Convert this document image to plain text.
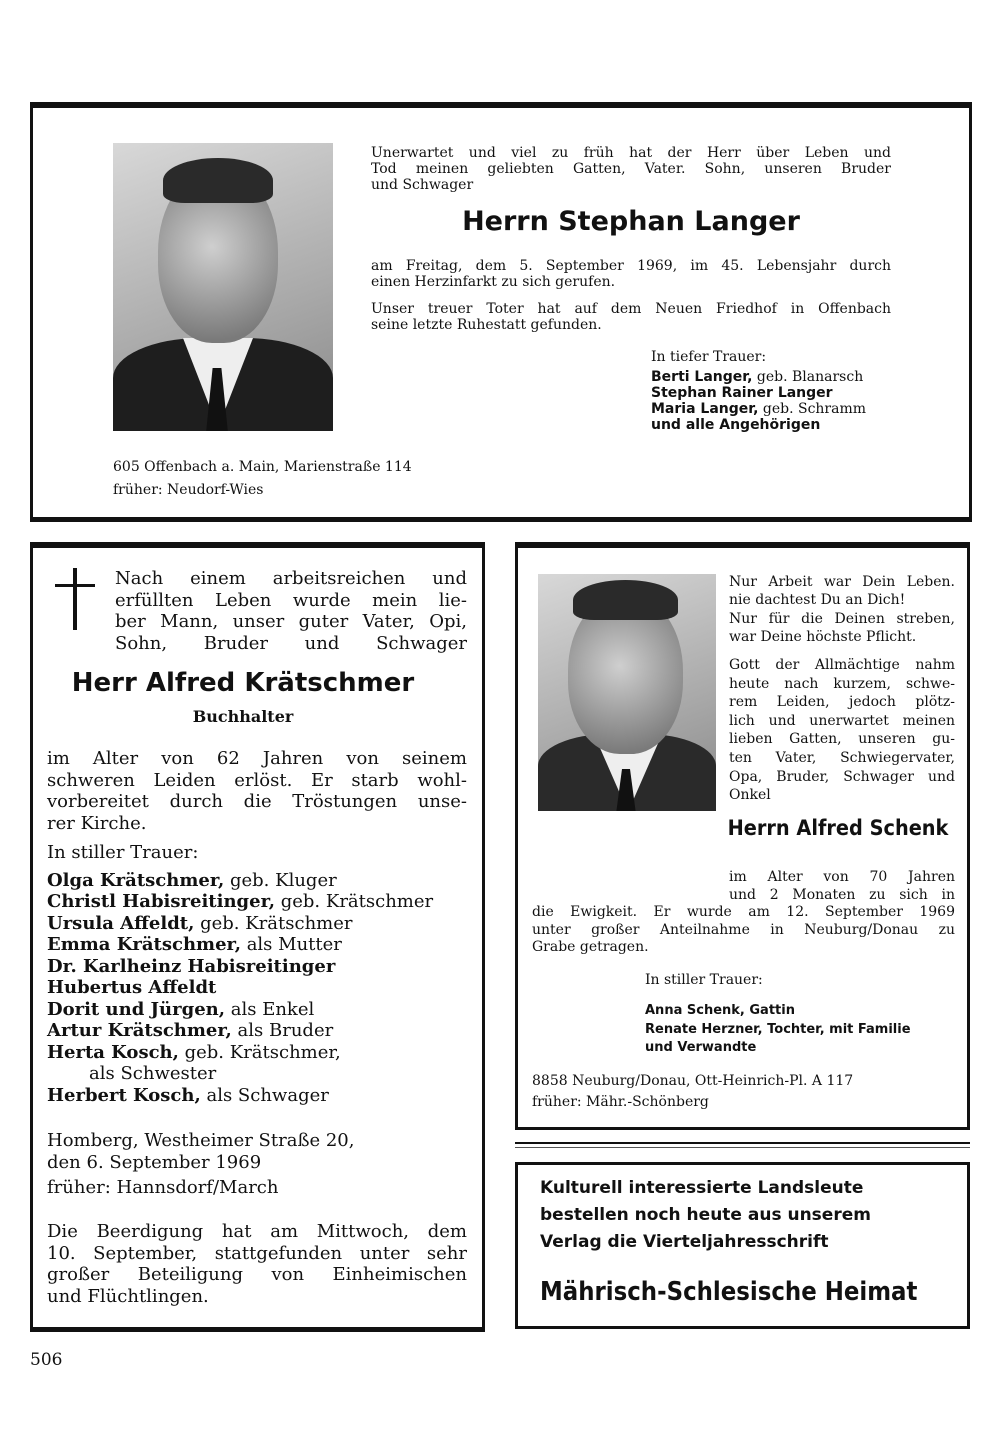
Unerwartet und viel zu früh hat der Herr über Leben und

Tod meinen geliebten Gatten, Vater. Sohn, unseren Bruder

und Schwager

Herrn Stephan Langer

am Freitag, dem 5. September 1969, im 45. Lebensjahr durch

einen Herzinfarkt zu sich gerufen.

Unser treuer Toter hat auf dem Neuen Friedhof in Offenbach

seine letzte Ruhestatt gefunden.

In tiefer Trauer:

Berti Langer, geb. Blanarsch

Stephan Rainer Langer

Maria Langer, geb. Schramm

und alle Angehörigen

605 Offenbach a. Main, Marienstraße 114

früher: Neudorf-Wies

Nach einem arbeitsreichen und

erfüllten Leben wurde mein lie-

ber Mann, unser guter Vater, Opi,

Sohn, Bruder und Schwager

Herr Alfred Krätschmer
Buchhalter

im Alter von 62 Jahren von seinem

schweren Leiden erlöst. Er starb wohl-

vorbereitet durch die Tröstungen unse-

rer Kirche.

In stiller Trauer:

Olga Krätschmer, geb. Kluger

Christl Habisreitinger, geb. Krätschmer

Ursula Affeldt, geb. Krätschmer

Emma Krätschmer, als Mutter

Dr. Karlheinz Habisreitinger

Hubertus Affeldt

Dorit und Jürgen, als Enkel

Artur Krätschmer, als Bruder

Herta Kosch, geb. Krätschmer,

als Schwester

Herbert Kosch, als Schwager

Homberg, Westheimer Straße 20,

den 6. September 1969

früher: Hannsdorf/March

Die Beerdigung hat am Mittwoch, dem

10. September, stattgefunden unter sehr

großer Beteiligung von Einheimischen

und Flüchtlingen.

Nur Arbeit war Dein Leben.

nie dachtest Du an Dich!

Nur für die Deinen streben,

war Deine höchste Pflicht.

Gott der Allmächtige nahm

heute nach kurzem, schwe-

rem Leiden, jedoch plötz-

lich und unerwartet meinen

lieben Gatten, unseren gu-

ten Vater, Schwiegervater,

Opa, Bruder, Schwager und

Onkel

Herrn Alfred Schenk

im Alter von 70 Jahren

und 2 Monaten zu sich in

die Ewigkeit. Er wurde am 12. September 1969

unter großer Anteilnahme in Neuburg/Donau zu

Grabe getragen.

In stiller Trauer:

Anna Schenk, Gattin

Renate Herzner, Tochter, mit Familie

und Verwandte

8858 Neuburg/Donau, Ott-Heinrich-Pl. A 117

früher: Mähr.-Schönberg

Kulturell interessierte Landsleute

bestellen noch heute aus unserem

Verlag die Vierteljahresschrift

Mährisch-Schlesische Heimat
506
